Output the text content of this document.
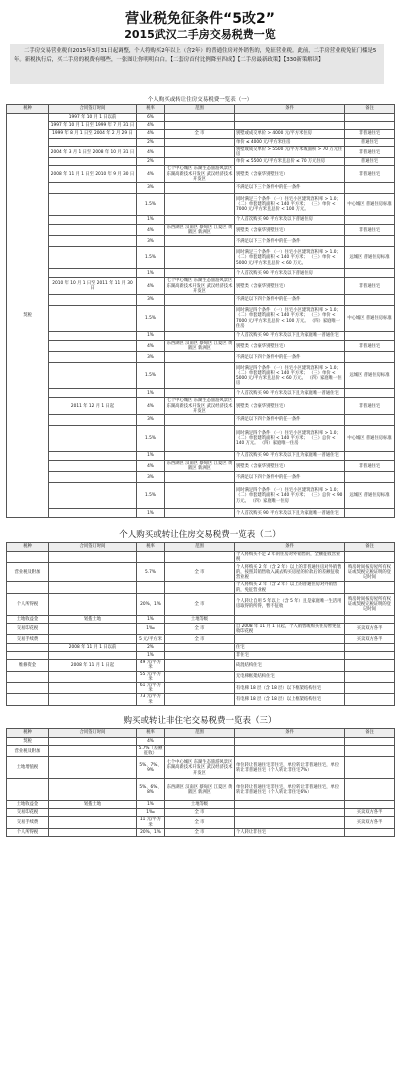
营业税免征条件“5改2”
2015武汉二手房交易税费一览

二手房交易营业税自2015年3月31日起调整，个人将购买2年以上（含2年）的普通住房对外销售的，免征营业税。此前，二手房营业税免征门槛是5年。新税执行后，买二手房的税费有哪些，一张图让你明明白白。【二套房首付比例降至四成】【二手房最新政策】【330新策解读】

个人购买或转让住房交易税费一览表（一）
税种	合同签订时间	税率	范围	条件	备注
契税	1997 年 10 月 1 日以前	6%			
	1997 年 10 月 1 日至 1999 年 7 月 31 日	4%			
	1999 年 8 月 1 日至 2004 年 2 月 29 日	4%	全 市	别墅或成交单价 > 4000 元/平方米住房	非普通住宅
		2%		单价 ≤ 4000 元/平方米住房	普通住宅
	2004 年 3 月 1 日至 2008 年 10 月 31 日	4%		别墅或成交单价 > 5500 元/平方米或面积 > 70 万元住房	非普通住宅
		2%		单价 ≤ 5500 元/平方米且总价 ≤ 70 万元住房	普通住宅
	2008 年 11 月 1 日至 2010 年 9 月 30 日	4%	七个中心城区 东湖生态旅游风景区 东湖高新技术开发区 武汉经济技术开发区	别墅类（含豪华别墅住宅）	非普通住宅
		3%		不满足以下三个条件中的任一条件	
		1.5%		同时满足三个条件 （一）住宅小区建筑容积率 > 1.0； （二）单套建筑面积 < 140 平方米； （三）单价 < 7000 元/平方米且总价 < 100 万元。	中心城区 普通住房标准
		1%		个人首次购买 90 平方米及以下普通住房	
		4%	东西湖区 汉南区 蔡甸区 江夏区 黄陂区 新洲区	别墅类（含豪华别墅住宅）	非普通住宅
		3%		不满足以下三个条件中的任一条件	
		1.5%		同时满足三个条件 （一）住宅小区建筑容积率 > 1.0； （二）单套建筑面积 < 140 平方米； （三）单价 < 5000 元/平方米且总价 < 60 万元。	远城区 普通住房标准
		1%		个人首次购买 90 平方米及以下普通住房	
	2010 年 10 月 1 日至 2011 年 11 月 30 日	4%	七个中心城区 东湖生态旅游风景区 东湖高新技术开发区 武汉经济技术开发区	别墅类（含豪华别墅住宅）	非普通住宅
		3%		不满足以下四个条件中的任一条件	
		1.5%		同时满足四个条件 （一）住宅小区建筑容积率 > 1.0； （二）单套建筑面积 < 140 平方米； （三）单价 < 7000 元/平方米且总价 < 100 万元。 （四）家庭唯一住房	中心城区 普通住房标准
		1%		个人首次购买 90 平方米及以下且为家庭唯一普通住宅	
		4%	东西湖区 汉南区 蔡甸区 江夏区 黄陂区 新洲区	别墅类（含豪华别墅住宅）	非普通住宅
		3%		不满足以下四个条件中的任一条件	
		1.5%		同时满足四个条件 （一）住宅小区建筑容积率 > 1.0； （二）单套建筑面积 < 140 平方米； （三）单价 < 5000 元/平方米且总价 < 60 万元。 （四）家庭唯一住房	远城区 普通住房标准
		1%		个人首次购买 90 平方米及以下且为家庭唯一普通住宅	
	2011 年 12 月 1 日起	4%	七个中心城区 东湖生态旅游风景区 东湖高新技术开发区 武汉经济技术开发区	别墅类（含豪华别墅住宅）	非普通住宅
		3%		不满足以下四个条件中的任一条件	
		1.5%		同时满足四个条件 （一）住宅小区建筑容积率 > 1.0； （二）单套建筑面积 < 140 平方米； （三）总价 < 140 万元。 （四）家庭唯一住房	中心城区 普通住房标准
		1%		个人首次购买 90 平方米及以下且为家庭唯一普通住宅	
		4%	东西湖区 汉南区 蔡甸区 江夏区 黄陂区 新洲区	别墅类（含豪华别墅住宅）	非普通住宅
		3%		不满足以下四个条件中的任一条件	
		1.5%		同时满足四个条件 （一）住宅小区建筑容积率 > 1.0； （二）单套建筑面积 < 140 平方米； （三）总价 < 90 万元。 （四）家庭唯一住房	远城区 普通住房标准
		1%		个人首次购买 90 平方米及以下且为家庭唯一普通住宅	
个人购买或转让住房交易税费一览表（二）
税种	合同签订时间	税率	范围	条件	备注
				个人将购买不足 2 年的住房对外销售的，全额征收营业税	
营业税及附加		5.7%	全 市	个人将购买 2 年（含 2 年）以上的非普通住房对外销售的，按照其销售收入减去购买房屋的价款后的差额征收营业税	购房时间按房屋所有权证或契税完税证明的登记时间
				个人将购买 2 年（含 2 年）以上的普通住房对外销售的，免征营业税	
个人所得税		20%，1%	全 市	个人转让自用 5 年以上（含 5 年）且是家庭唯一生活用房取得的所得，暂不征收	购房时间按房屋所有权证或契税完税证明的登记时间
土地收益金	划拨土地	1%	土地等级		
交易印花税		1‰	全 市	自 2008 年 11 月 1 日起，个人销售或购买住房暂免征收印花税	买卖双方各半
交易手续费		5 元/平方米	全 市		买卖双方各半
	2008 年 11 月 1 日以前	2%		住宅	
		1%		非住宅	
维修资金	2008 年 11 月 1 日起	49 元/平方米		砖混结构住宅	
		55 元/平方米		无电梯框架结构住宅	
		61 元/平方米		有电梯 18 层（含 18 层）以下框架结构住宅	
		73 元/平方米		有电梯 18 层（含 18 层）以上框架结构住宅	
购买或转让非住宅交易税费一览表（三）
税种	合同签订时间	税率	范围	条件	备注
契税		4%			
营业税及附加		5.7%（差额征收）			
土地增值税		5%、7%、9%	七个中心城区 东湖生态旅游风景区 东湖高新技术开发区 武汉经济技术开发区	单位转让普通住宅非住宅，单位转让非普通住宅，单位转让非普通住宅（个人转让非住宅7%）	
		5%、6%、8%	东西湖区 汉南区 蔡甸区 江夏区 黄陂区 新洲区	单位转让普通住宅非住宅，单位转让非普通住宅，单位转让非普通住宅（个人转让非住宅6%）	
土地收益金	划拨土地	1%	土地等级		
交易印花税		1‰	全 市		买卖双方各半
交易手续费		11 元/平方米	全 市		买卖双方各半
个人所得税		20%，1%	全 市	个人转让非住宅	
